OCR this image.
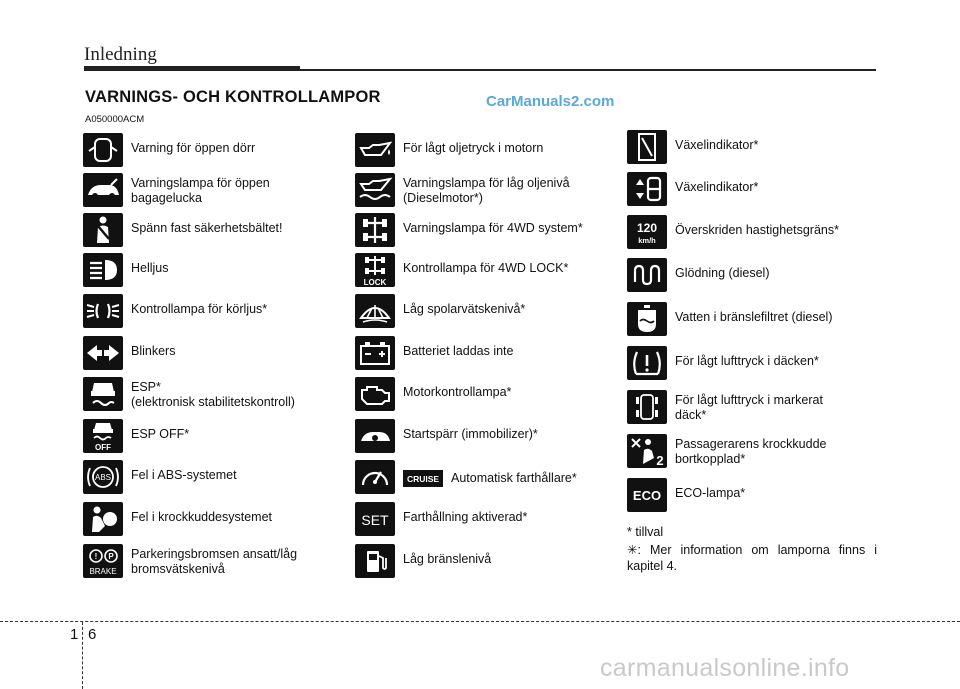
Inledning
VARNINGS- OCH KONTROLLAMPOR	CarManuals2.com
A050000ACM
Varning för öppen dörr
Varningslampa för öppen
bagagelucka
Spänn fast säkerhetsbältet!
Helljus
Kontrollampa för körljus*
Blinkers
ESP*
(elektronisk stabilitetskontroll)
OFF
ESP OFF*
ABS Fel i ABS-systemet
Fel i krockkuddesystemet
! P
BRAKE
Parkeringsbromsen ansatt/låg
bromsvätskenivå
För lågt oljetryck i motorn
Varningslampa för låg oljenivå
(Dieselmotor*)
Varningslampa för 4WD system*
LOCK
Kontrollampa för 4WD LOCK*
Låg spolarvätskenivå*
Batteriet laddas inte
Motorkontrollampa*
Startspärr (immobilizer)*
CRUISE Automatisk farthållare*
SET Farthållning aktiverad*
Låg bränslenivå
Växelindikator*
Växelindikator*
120
km/h
Överskriden hastighetsgräns*
Glödning (diesel)
Vatten i bränslefiltret (diesel)
För lågt lufttryck i däcken*
För lågt lufttryck i markerat
däck*
2
Passagerarens krockkudde
bortkopplad*
ECO ECO-lampa*
* tillval
✳: Mer information om lamporna finns i kapitel 4.
1 6
carmanualsonline.info
